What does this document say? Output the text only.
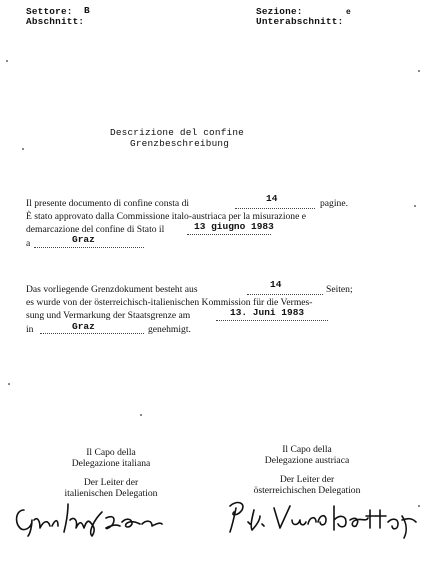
Settore: B
Abschnitt:
Sezione:	e
Unterabschnitt:
Descrizione del confine
Grenzbeschreibung
Il presente documento di confine consta di	14	pagine.
È stato approvato dalla Commissione italo-austriaca per la misurazione e
demarcazione del confine di Stato il	13 giugno 1983
a	Graz
Das vorliegende Grenzdokument besteht aus	14	Seiten;
es wurde von der österreichisch-italienischen Kommission für die Vermes-
sung und Vermarkung der Staatsgrenze am	13. Juni 1983
in	Graz	genehmigt.
Il Capo della
Delegazione italiana
Der Leiter der
italienischen Delegation
Il Capo della
Delegazione austriaca
Der Leiter der
österreichischen Delegation
